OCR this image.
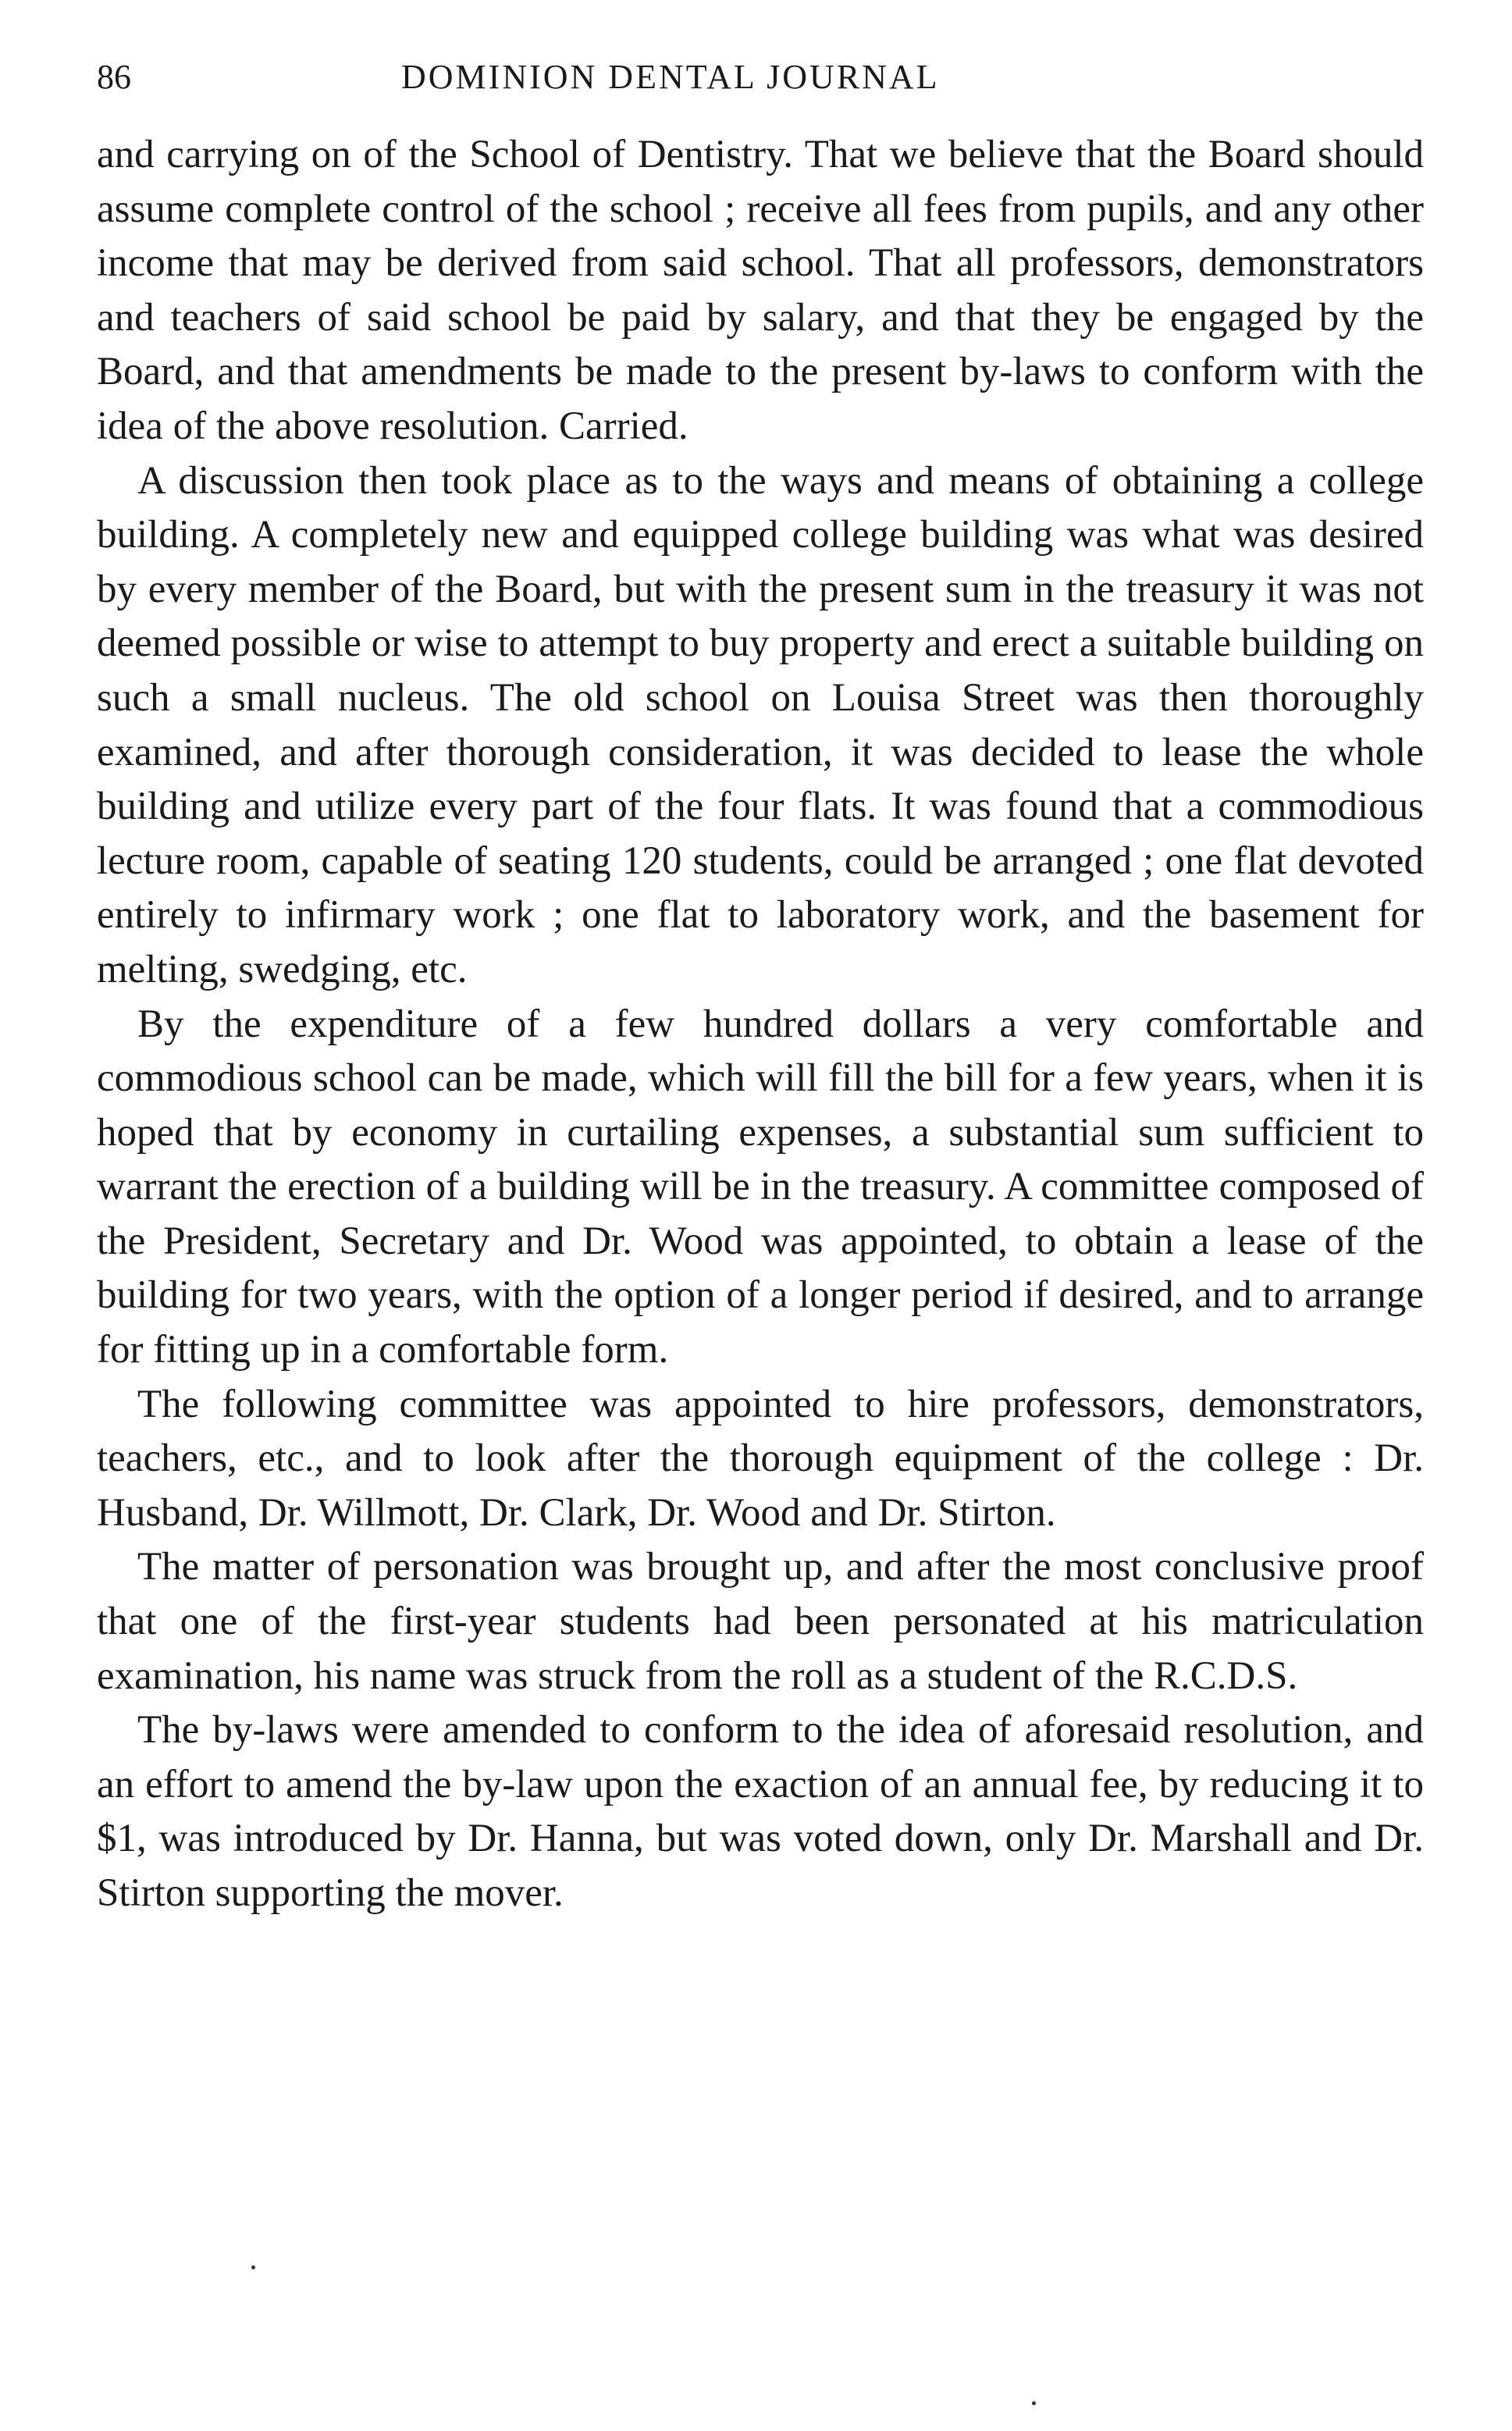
86	DOMINION DENTAL JOURNAL

and carrying on of the School of Dentistry. That we believe that the Board should assume complete control of the school ; receive all fees from pupils, and any other income that may be derived from said school. That all professors, demonstrators and teachers of said school be paid by salary, and that they be engaged by the Board, and that amendments be made to the present by-laws to conform with the idea of the above resolution. Carried.

A discussion then took place as to the ways and means of obtaining a college building. A completely new and equipped college building was what was desired by every member of the Board, but with the present sum in the treasury it was not deemed possible or wise to attempt to buy property and erect a suitable building on such a small nucleus. The old school on Louisa Street was then thoroughly examined, and after thorough consideration, it was decided to lease the whole building and utilize every part of the four flats. It was found that a commodious lecture room, capable of seating 120 students, could be arranged ; one flat devoted entirely to infirmary work ; one flat to laboratory work, and the basement for melting, swedging, etc.

By the expenditure of a few hundred dollars a very comfortable and commodious school can be made, which will fill the bill for a few years, when it is hoped that by economy in curtailing expenses, a substantial sum sufficient to warrant the erection of a building will be in the treasury. A committee composed of the President, Secretary and Dr. Wood was appointed, to obtain a lease of the building for two years, with the option of a longer period if desired, and to arrange for fitting up in a comfortable form.

The following committee was appointed to hire professors, demonstrators, teachers, etc., and to look after the thorough equipment of the college : Dr. Husband, Dr. Willmott, Dr. Clark, Dr. Wood and Dr. Stirton.

The matter of personation was brought up, and after the most conclusive proof that one of the first-year students had been personated at his matriculation examination, his name was struck from the roll as a student of the R.C.D.S.

The by-laws were amended to conform to the idea of aforesaid resolution, and an effort to amend the by-law upon the exaction of an annual fee, by reducing it to $1, was introduced by Dr. Hanna, but was voted down, only Dr. Marshall and Dr. Stirton supporting the mover.
